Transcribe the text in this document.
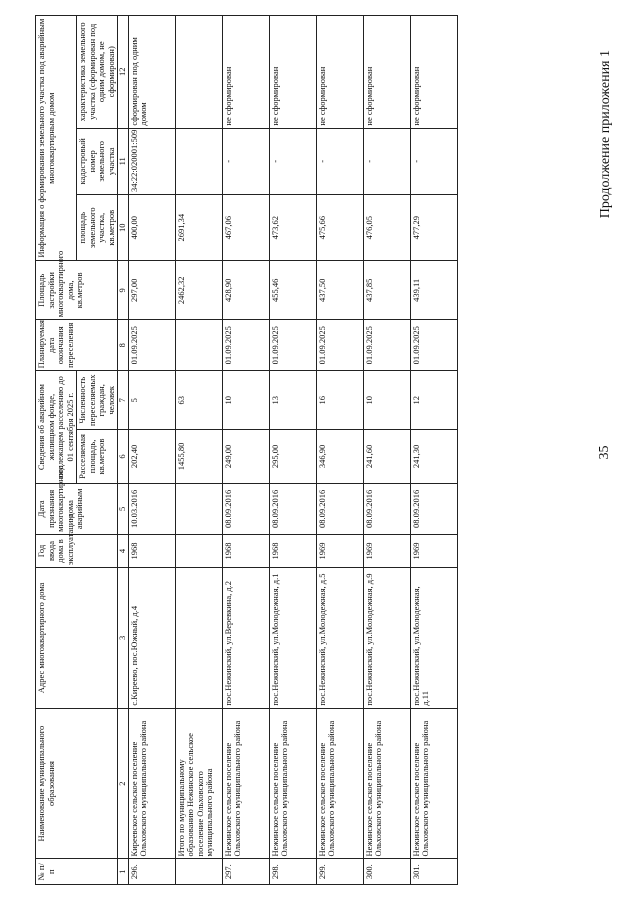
Продолжение приложения 1
35
№ п/п	Наименование муниципального образования	Адрес многоквартирного дома	Год ввода дома в эксплуатацию	Дата признания многоквартирного дома аварийным	Сведения об аварийном жилищном фонде, подлежащем расселению до 01 сентября 2025 г.		Планируемая дата окончания переселения	Площадь застройки многоквартирного дома, кв.метров	Информация о формировании земельного участка под аварийным многоквартирным домом		
					Расселяемая площадь, кв.метров	Численность переселяемых граждан, человек			площадь земельного участка, кв.метров	кадастровый номер земельного участка	характеристика земельного участка (сформирован под одним домом, не сформирован)
1	2	3	4	5	6	7	8	9	10	11	12
296.	Киреевское сельское поселение Ольховского муниципального района	с.Киреево, пос.Южный, д.4	1968	10.03.2016	202,40	5	01.09.2025	297,00	400,00	34:22:020001:509	сформирован под одним домом
	Итого по муниципальному образованию Нежинское сельское поселение Ольховского муниципального района				1455,80	63		2462,32	2691,34		
297.	Нежинское сельское поселение Ольховского муниципального района	пос.Нежинский, ул.Веревкина, д.2	1968	08.09.2016	249,00	10	01.09.2025	428,90	467,06	-	не сформирован
298.	Нежинское сельское поселение Ольховского муниципального района	пос.Нежинский, ул.Молодежная, д.1	1968	08.09.2016	295,00	13	01.09.2025	455,46	473,62	-	не сформирован
299.	Нежинское сельское поселение Ольховского муниципального района	пос.Нежинский, ул.Молодежная, д.5	1969	08.09.2016	346,90	16	01.09.2025	437,50	475,66	-	не сформирован
300.	Нежинское сельское поселение Ольховского муниципального района	пос.Нежинский, ул.Молодежная, д.9	1969	08.09.2016	241,60	10	01.09.2025	437,85	476,05	-	не сформирован
301.	Нежинское сельское поселение Ольховского муниципального района	пос.Нежинский, ул.Молодежная, д.11	1969	08.09.2016	241,30	12	01.09.2025	439,11	477,29	-	не сформирован
